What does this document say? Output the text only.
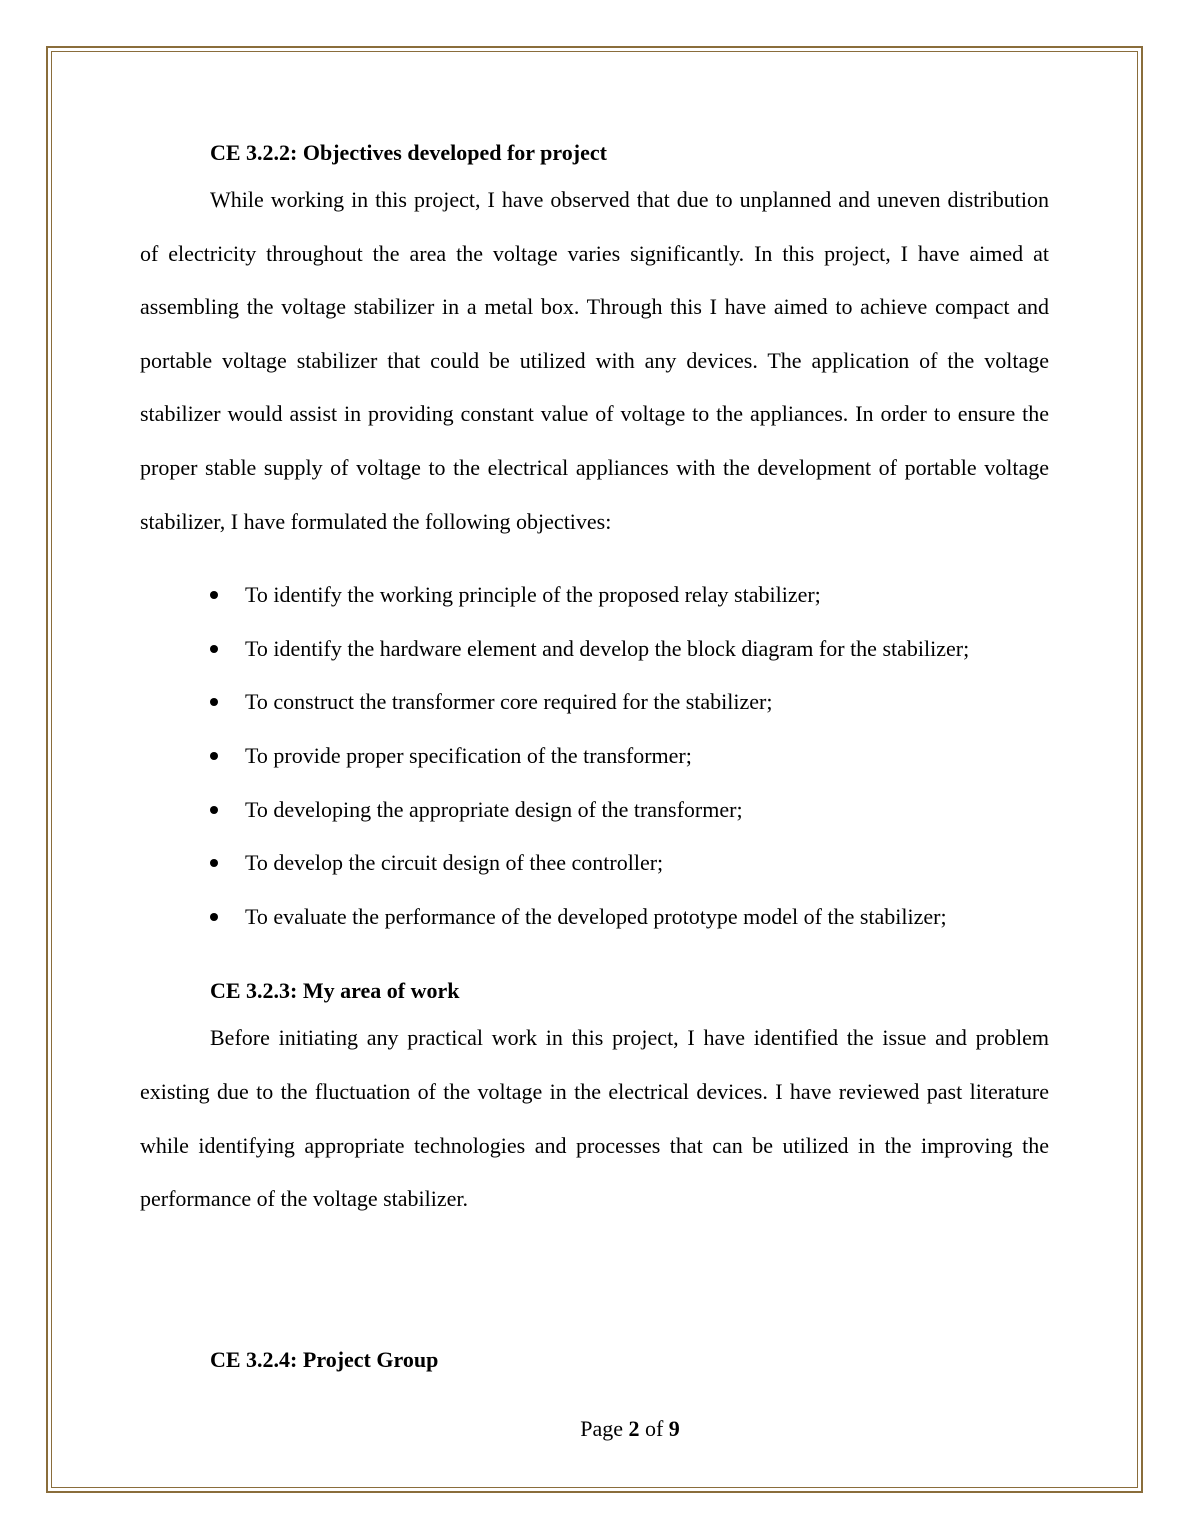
CE 3.2.2: Objectives developed for project

While working in this project, I have observed that due to unplanned and uneven distribution of electricity throughout the area the voltage varies significantly. In this project, I have aimed at assembling the voltage stabilizer in a metal box. Through this I have aimed to achieve compact and portable voltage stabilizer that could be utilized with any devices. The application of the voltage stabilizer would assist in providing constant value of voltage to the appliances. In order to ensure the proper stable supply of voltage to the electrical appliances with the development of portable voltage stabilizer, I have formulated the following objectives:

To identify the working principle of the proposed relay stabilizer;
To identify the hardware element and develop the block diagram for the stabilizer;
To construct the transformer core required for the stabilizer;
To provide proper specification of the transformer;
To developing the appropriate design of the transformer;
To develop the circuit design of thee controller;
To evaluate the performance of the developed prototype model of the stabilizer;

CE 3.2.3: My area of work

Before initiating any practical work in this project, I have identified the issue and problem existing due to the fluctuation of the voltage in the electrical devices. I have reviewed past literature while identifying appropriate technologies and processes that can be utilized in the improving the performance of the voltage stabilizer.

CE 3.2.4: Project Group

Page 2 of 9
